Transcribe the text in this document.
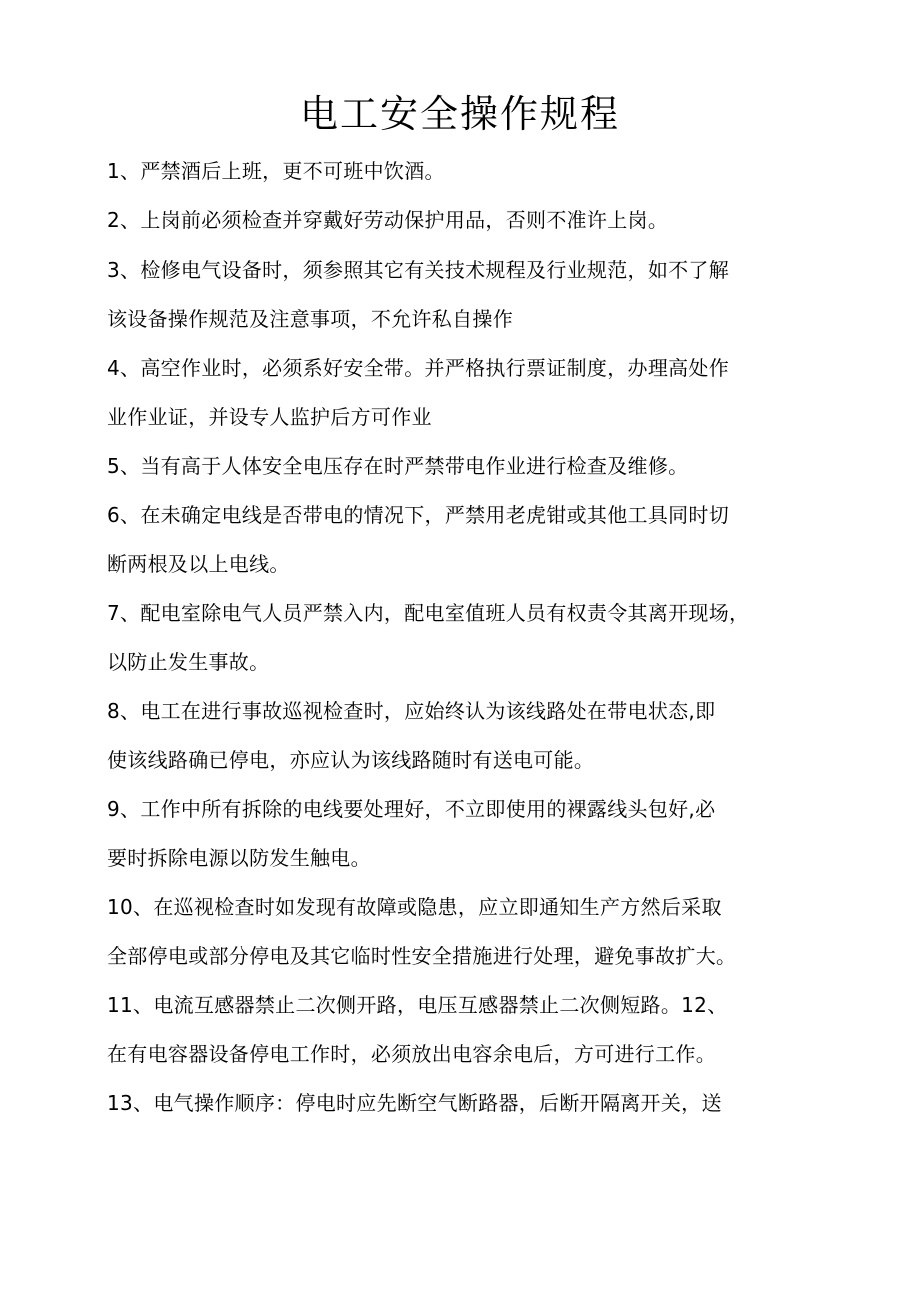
电工安全操作规程
1、严禁酒后上班，更不可班中饮酒。
2、上岗前必须检查并穿戴好劳动保护用品，否则不准许上岗。
3、检修电气设备时，须参照其它有关技术规程及行业规范，如不了解
该设备操作规范及注意事项，不允许私自操作
4、高空作业时，必须系好安全带。并严格执行票证制度，办理高处作
业作业证，并设专人监护后方可作业
5、当有高于人体安全电压存在时严禁带电作业进行检查及维修。
6、在未确定电线是否带电的情况下，严禁用老虎钳或其他工具同时切
断两根及以上电线。
7、配电室除电气人员严禁入内，配电室值班人员有权责令其离开现场，
以防止发生事故。
8、电工在进行事故巡视检查时，应始终认为该线路处在带电状态,即
使该线路确已停电，亦应认为该线路随时有送电可能。
9、工作中所有拆除的电线要处理好，不立即使用的裸露线头包好,必
要时拆除电源以防发生触电。
10、在巡视检查时如发现有故障或隐患，应立即通知生产方然后采取
全部停电或部分停电及其它临时性安全措施进行处理，避免事故扩大。
11、电流互感器禁止二次侧开路，电压互感器禁止二次侧短路。12、
在有电容器设备停电工作时，必须放出电容余电后，方可进行工作。
13、电气操作顺序：停电时应先断空气断路器，后断开隔离开关，送
